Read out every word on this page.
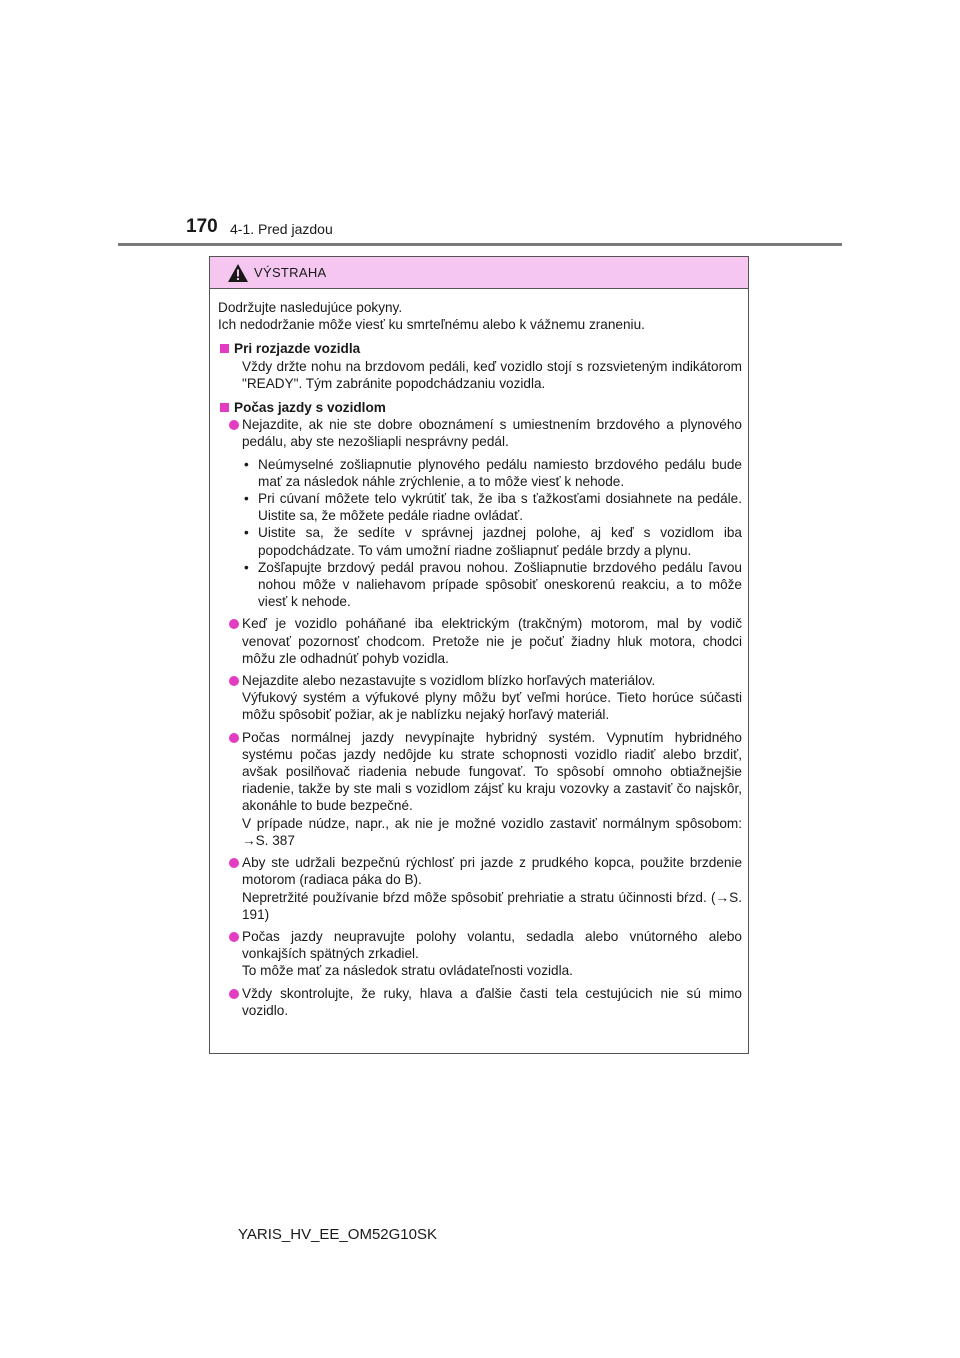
170 4-1. Pred jazdou
VÝSTRAHA
Dodržujte nasledujúce pokyny.
Ich nedodržanie môže viesť ku smrteľnému alebo k vážnemu zraneniu.

Pri rozjazde vozidla

Vždy držte nohu na brzdovom pedáli, keď vozidlo stojí s rozsvieteným indikátorom "READY". Tým zabránite popodchádzaniu vozidla.

Počas jazdy s vozidlom

Nejazdite, ak nie ste dobre oboznámení s umiestnením brzdového a plynového pedálu, aby ste nezošliapli nesprávny pedál.

• Neúmyselné zošliapnutie plynového pedálu namiesto brzdového pedálu bude mať za následok náhle zrýchlenie, a to môže viesť k nehode.
• Pri cúvaní môžete telo vykrútiť tak, že iba s ťažkosťami dosiahnete na pedále. Uistite sa, že môžete pedále riadne ovládať.
• Uistite sa, že sedíte v správnej jazdnej polohe, aj keď s vozidlom iba popodchádzate. To vám umožní riadne zošliapnuť pedále brzdy a plynu.
• Zošľapujte brzdový pedál pravou nohou. Zošliapnutie brzdového pedálu ľavou nohou môže v naliehavom prípade spôsobiť oneskorenú reakciu, a to môže viesť k nehode.

Keď je vozidlo poháňané iba elektrickým (trakčným) motorom, mal by vodič venovať pozornosť chodcom. Pretože nie je počuť žiadny hluk motora, chodci môžu zle odhadnúť pohyb vozidla.

Nejazdite alebo nezastavujte s vozidlom blízko horľavých materiálov.

Výfukový systém a výfukové plyny môžu byť veľmi horúce. Tieto horúce súčasti môžu spôsobiť požiar, ak je nablízku nejaký horľavý materiál.

Počas normálnej jazdy nevypínajte hybridný systém. Vypnutím hybridného systému počas jazdy nedôjde ku strate schopnosti vozidlo riadiť alebo brzdiť, avšak posilňovač riadenia nebude fungovať. To spôsobí omnoho obtiažnejšie riadenie, takže by ste mali s vozidlom zájsť ku kraju vozovky a zastaviť čo najskôr, akonáhle to bude bezpečné.

V prípade núdze, napr., ak nie je možné vozidlo zastaviť normálnym spôsobom: →S. 387

Aby ste udržali bezpečnú rýchlosť pri jazde z prudkého kopca, použite brzdenie motorom (radiaca páka do B).

Nepretržité používanie bŕzd môže spôsobiť prehriatie a stratu účinnosti bŕzd. (→S. 191)

Počas jazdy neupravujte polohy volantu, sedadla alebo vnútorného alebo vonkajších spätných zrkadiel.

To môže mať za následok stratu ovládateľnosti vozidla.

Vždy skontrolujte, že ruky, hlava a ďalšie časti tela cestujúcich nie sú mimo vozidlo.

YARIS_HV_EE_OM52G10SK
